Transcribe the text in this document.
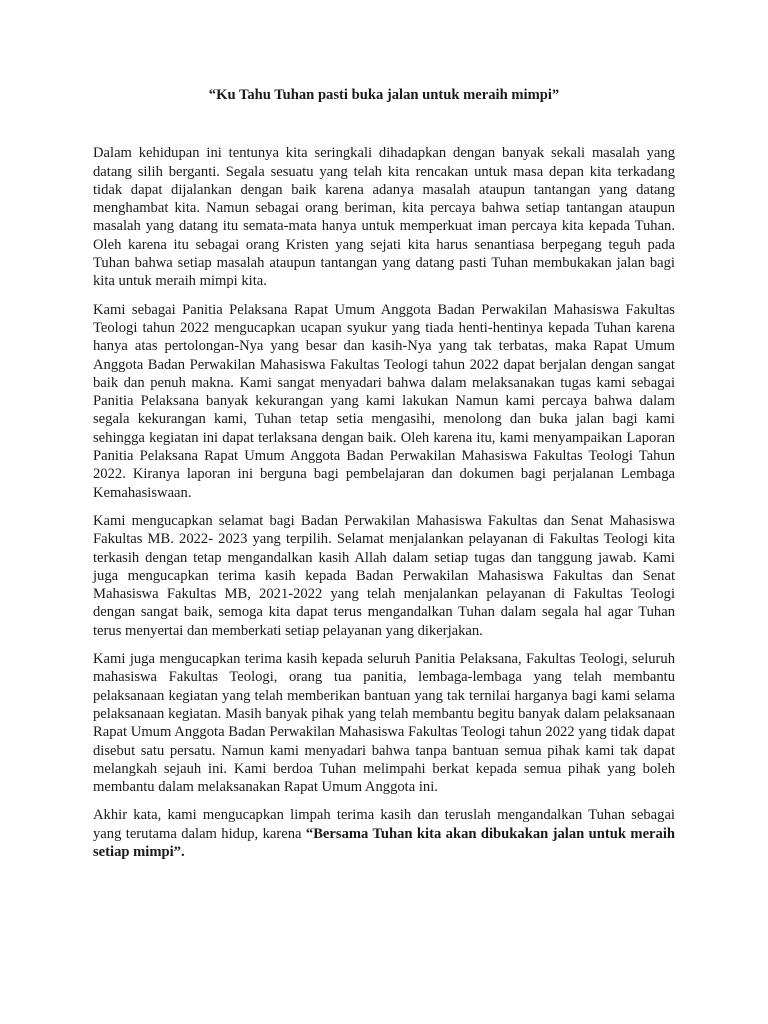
“Ku Tahu Tuhan pasti buka jalan untuk meraih mimpi”

Dalam kehidupan ini tentunya kita seringkali dihadapkan dengan banyak sekali masalah yang datang silih berganti. Segala sesuatu yang telah kita rencakan untuk masa depan kita terkadang tidak dapat dijalankan dengan baik karena adanya masalah ataupun tantangan yang datang menghambat kita. Namun sebagai orang beriman, kita percaya bahwa setiap tantangan ataupun masalah yang datang itu semata-mata hanya untuk memperkuat iman percaya kita kepada Tuhan. Oleh karena itu sebagai orang Kristen yang sejati kita harus senantiasa berpegang teguh pada Tuhan bahwa setiap masalah ataupun tantangan yang datang pasti Tuhan membukakan jalan bagi kita untuk meraih mimpi kita.

Kami sebagai Panitia Pelaksana Rapat Umum Anggota Badan Perwakilan Mahasiswa Fakultas Teologi tahun 2022 mengucapkan ucapan syukur yang tiada henti-hentinya kepada Tuhan karena hanya atas pertolongan-Nya yang besar dan kasih-Nya yang tak terbatas, maka Rapat Umum Anggota Badan Perwakilan Mahasiswa Fakultas Teologi tahun 2022 dapat berjalan dengan sangat baik dan penuh makna. Kami sangat menyadari bahwa dalam melaksanakan tugas kami sebagai Panitia Pelaksana banyak kekurangan yang kami lakukan Namun kami percaya bahwa dalam segala kekurangan kami, Tuhan tetap setia mengasihi, menolong dan buka jalan bagi kami sehingga kegiatan ini dapat terlaksana dengan baik. Oleh karena itu, kami menyampaikan Laporan Panitia Pelaksana Rapat Umum Anggota Badan Perwakilan Mahasiswa Fakultas Teologi Tahun 2022. Kiranya laporan ini berguna bagi pembelajaran dan dokumen bagi perjalanan Lembaga Kemahasiswaan.

Kami mengucapkan selamat bagi Badan Perwakilan Mahasiswa Fakultas dan Senat Mahasiswa Fakultas MB. 2022- 2023 yang terpilih. Selamat menjalankan pelayanan di Fakultas Teologi kita terkasih dengan tetap mengandalkan kasih Allah dalam setiap tugas dan tanggung jawab. Kami juga mengucapkan terima kasih kepada Badan Perwakilan Mahasiswa Fakultas dan Senat Mahasiswa Fakultas MB, 2021-2022 yang telah menjalankan pelayanan di Fakultas Teologi dengan sangat baik, semoga kita dapat terus mengandalkan Tuhan dalam segala hal agar Tuhan terus menyertai dan memberkati setiap pelayanan yang dikerjakan.

Kami juga mengucapkan terima kasih kepada seluruh Panitia Pelaksana, Fakultas Teologi, seluruh mahasiswa Fakultas Teologi, orang tua panitia, lembaga-lembaga yang telah membantu pelaksanaan kegiatan yang telah memberikan bantuan yang tak ternilai harganya bagi kami selama pelaksanaan kegiatan. Masih banyak pihak yang telah membantu begitu banyak dalam pelaksanaan Rapat Umum Anggota Badan Perwakilan Mahasiswa Fakultas Teologi tahun 2022 yang tidak dapat disebut satu persatu. Namun kami menyadari bahwa tanpa bantuan semua pihak kami tak dapat melangkah sejauh ini. Kami berdoa Tuhan melimpahi berkat kepada semua pihak yang boleh membantu dalam melaksanakan Rapat Umum Anggota ini.

Akhir kata, kami mengucapkan limpah terima kasih dan teruslah mengandalkan Tuhan sebagai yang terutama dalam hidup, karena “Bersama Tuhan kita akan dibukakan jalan untuk meraih setiap mimpi”.
